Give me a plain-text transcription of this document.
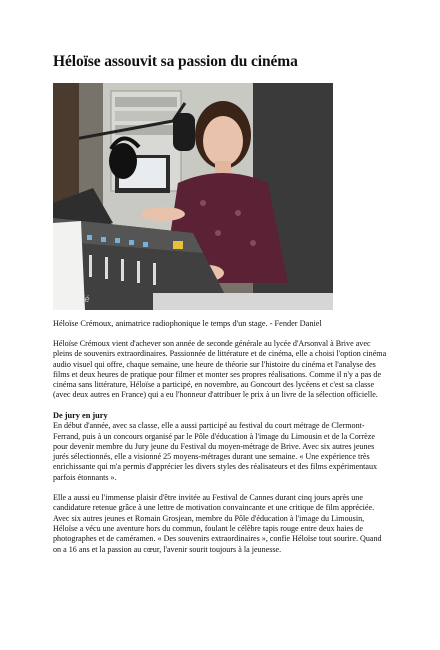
Héloïse assouvit sa passion du cinéma
Certifié

Héloïse Crémoux, animatrice radiophonique le temps d'un stage. - Fender Daniel

Héloïse Crémoux vient d'achever son année de seconde générale au lycée d'Arsonval à Brive avec pleins de souvenirs extraordinaires. Passionnée de littérature et de cinéma, elle a choisi l'option cinéma audio visuel qui offre, chaque semaine, une heure de théorie sur l'histoire du cinéma et l'analyse des films et deux heures de pratique pour filmer et monter ses propres réalisations. Comme il n'y a pas de cinéma sans littérature, Héloïse a participé, en novembre, au Goncourt des lycéens et c'est sa classe (avec deux autres en France) qui a eu l'honneur d'attribuer le prix à un livre de la sélection officielle.

De jury en jury

En début d'année, avec sa classe, elle a aussi participé au festival du court métrage de Clermont-Ferrand, puis à un concours organisé par le Pôle d'éducation à l'image du Limousin et de la Corrèze pour devenir membre du Jury jeune du Festival du moyen-métrage de Brive. Avec six autres jeunes jurés sélectionnés, elle a visionné 25 moyens-métrages durant une semaine. « Une expérience très enrichissante qui m'a permis d'apprécier les divers styles des réalisateurs et des films expérimentaux parfois étonnants ».

Elle a aussi eu l'immense plaisir d'être invitée au Festival de Cannes durant cinq jours après une candidature retenue grâce à une lettre de motivation convaincante et une critique de film appréciée. Avec six autres jeunes et Romain Grosjean, membre du Pôle d'éducation à l'image du Limousin, Héloïse a vécu une aventure hors du commun, foulant le célèbre tapis rouge entre deux haies de photographes et de caméramen. « Des souvenirs extraordinaires », confie Héloïse tout sourire. Quand on a 16 ans et la passion au cœur, l'avenir sourit toujours à la jeunesse.
